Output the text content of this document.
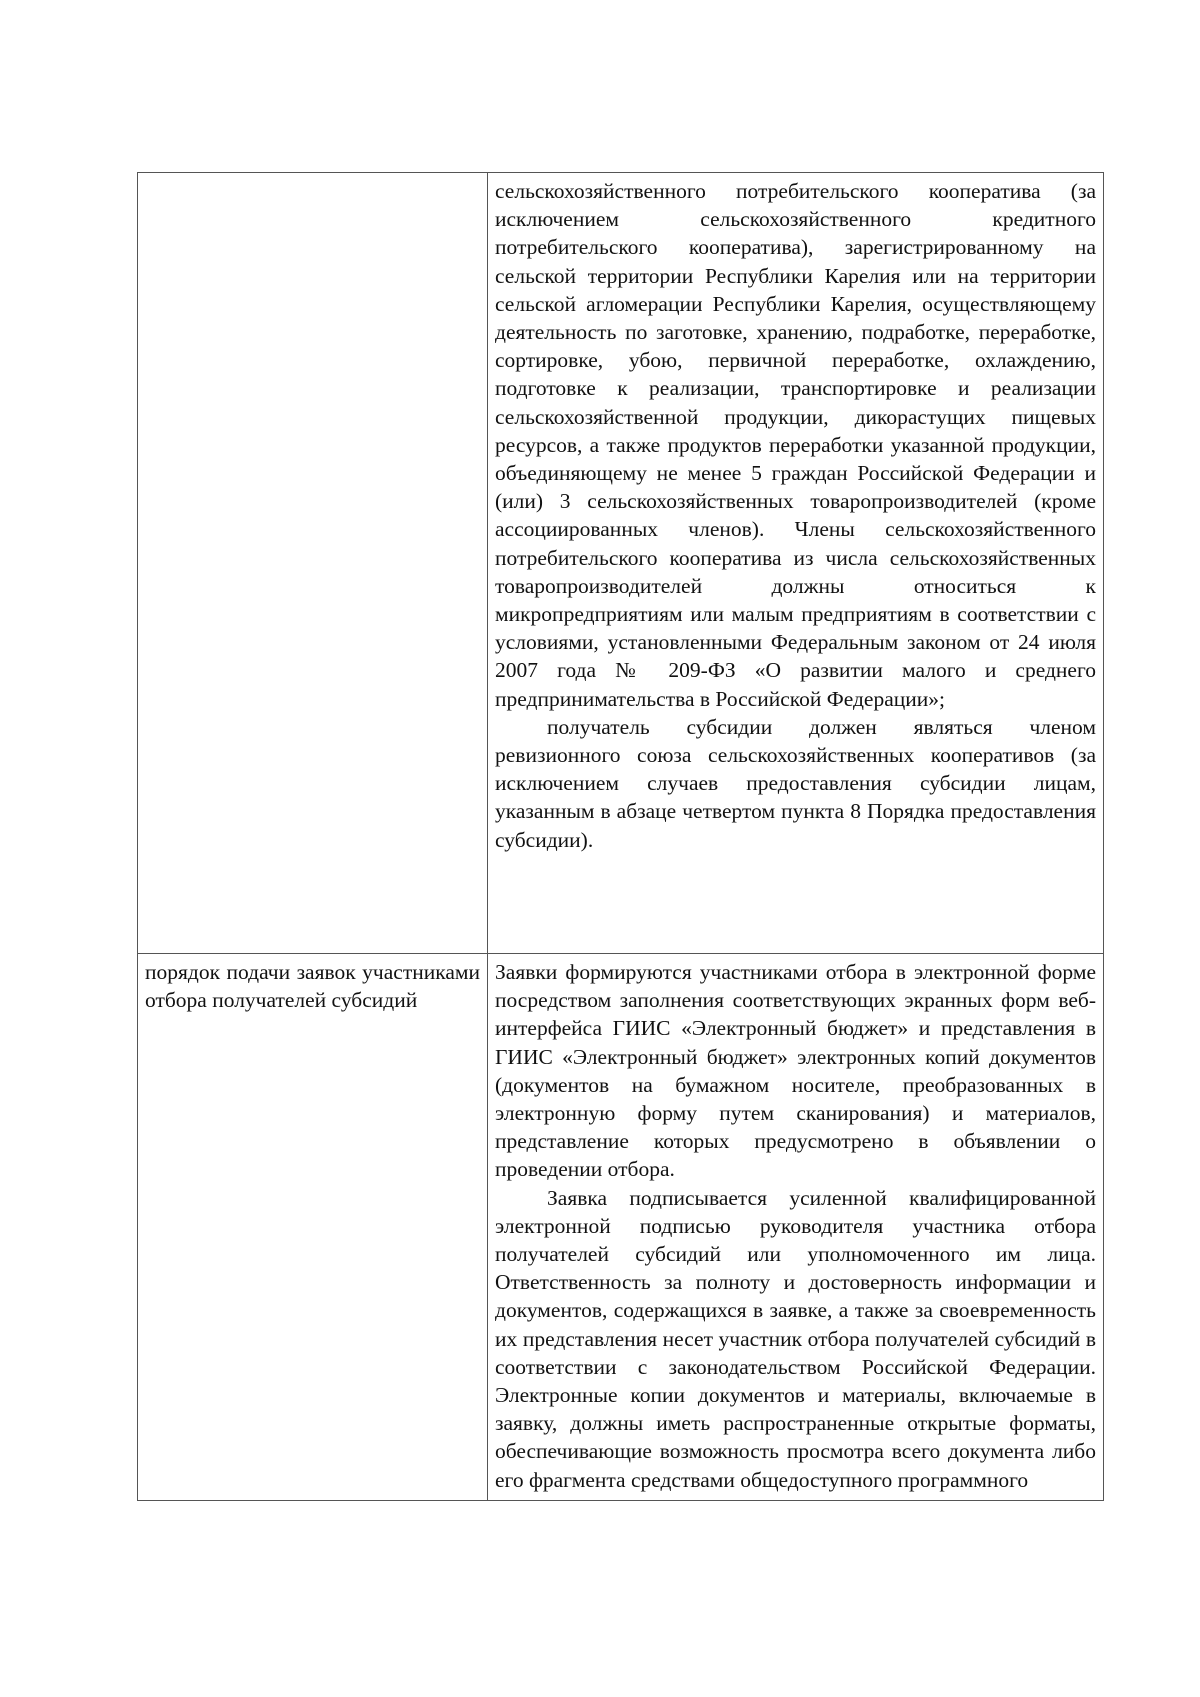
	сельскохозяйственного потребительского кооператива (за исключением сельскохозяйственного кредитного потребительского кооператива), зарегистрированному на сельской территории Республики Карелия или на территории сельской агломерации Республики Карелия, осуществляющему деятельность по заготовке, хранению, подработке, переработке, сортировке, убою, первичной переработке, охлаждению, подготовке к реализации, транспортировке и реализации сельскохозяйственной продукции, дикорастущих пищевых ресурсов, а также продуктов переработки указанной продукции, объединяющему не менее 5 граждан Российской Федерации и (или) 3 сельскохозяйственных товаропроизводителей (кроме ассоциированных членов). Члены сельскохозяйственного потребительского кооператива из числа сельскохозяйственных товаропроизводителей должны относиться к микропредприятиям или малым предприятиям в соответствии с условиями, установленными Федеральным законом от 24 июля 2007 года № 209-ФЗ «О развитии малого и среднего предпринимательства в Российской Федерации»;

получатель субсидии должен являться членом ревизионного союза сельскохозяйственных кооперативов (за исключением случаев предоставления субсидии лицам, указанным в абзаце четвертом пункта 8 Порядка предоставления субсидии).

порядок подачи заявок участниками отбора получателей субсидий	Заявки формируются участниками отбора в электронной форме посредством заполнения соответствующих экранных форм веб-интерфейса ГИИС «Электронный бюджет» и представления в ГИИС «Электронный бюджет» электронных копий документов (документов на бумажном носителе, преобразованных в электронную форму путем сканирования) и материалов, представление которых предусмотрено в объявлении о проведении отбора.

Заявка подписывается усиленной квалифицированной электронной подписью руководителя участника отбора получателей субсидий или уполномоченного им лица. Ответственность за полноту и достоверность информации и документов, содержащихся в заявке, а также за своевременность их представления несет участник отбора получателей субсидий в соответствии с законодательством Российской Федерации. Электронные копии документов и материалы, включаемые в заявку, должны иметь распространенные открытые форматы, обеспечивающие возможность просмотра всего документа либо его фрагмента средствами общедоступного программного
